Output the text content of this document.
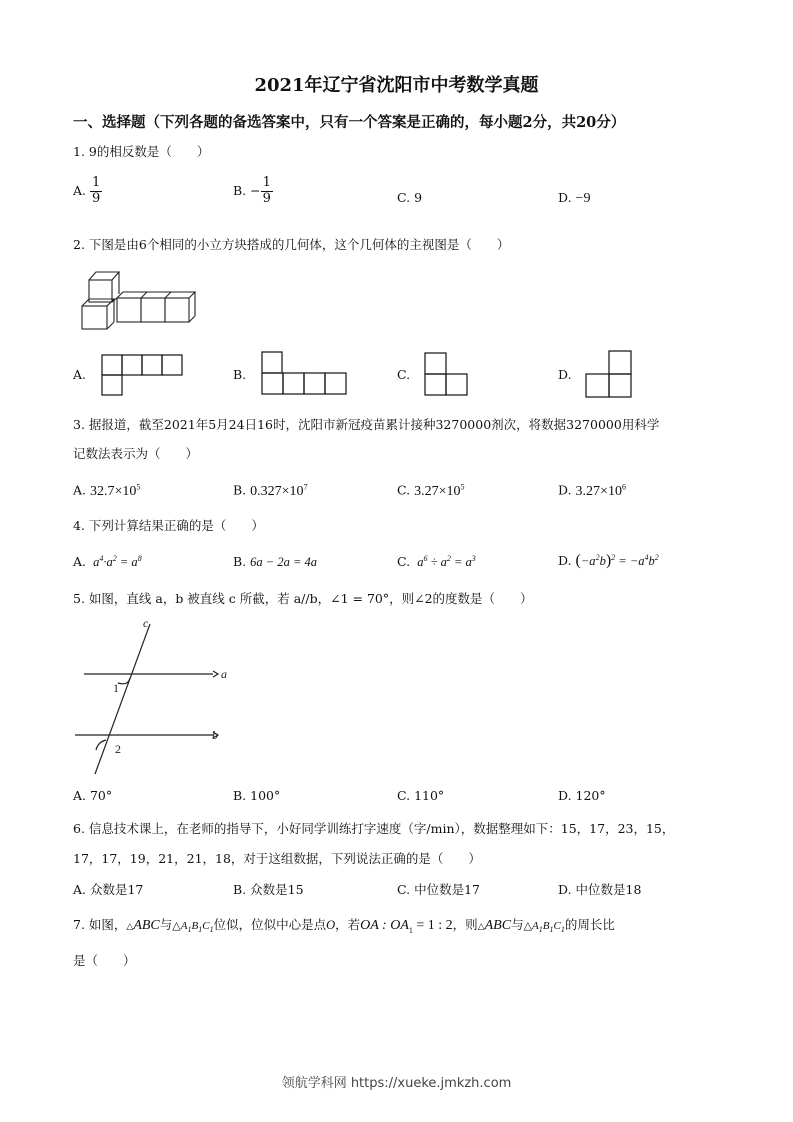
2021年辽宁省沈阳市中考数学真题
一、选择题（下列各题的备选答案中，只有一个答案是正确的，每小题2分，共20分）
1. 9的相反数是（　　）
A. $\frac{1}{9}$	B. − $\frac{1}{9}$	C. 9	D. −9
2. 下图是由6个相同的小立方块搭成的几何体，这个几何体的主视图是（　　）
A.	B.	C.	D.
3. 据报道，截至2021年5月24日16时，沈阳市新冠疫苗累计接种3270000剂次，将数据3270000用科学
记数法表示为（　　）
A. $32.7\times 10^5$	B. $0.327\times 10^7$	C. $3.27\times 10^5$	D. $3.27\times 10^6$
4. 下列计算结果正确的是（　　）
A.  $a^4\cdot a^2 = a^8$	B. 6a − 2a = 4a	C.  $a^6 \div a^2 = a^3$	D. $(-a^2b)^2 = -a^4b^2$
5. 如图，直线 a，b 被直线 c 所截，若 a//b，∠1 = 70°，则∠2的度数是（　　）
c
a
b
1
2
A. 70°	B. 100°	C. 110°	D. 120°
6. 信息技术课上，在老师的指导下，小好同学训练打字速度（字/min），数据整理如下：15，17，23，15，
17，17，19，21，21，18，对于这组数据，下列说法正确的是（　　）
A. 众数是17	B. 众数是15	C. 中位数是17	D. 中位数是18
7. 如图，△ABC与$\triangle A_1B_1C_1$位似，位似中心是点O，若OA : $OA_1 = 1$ : 2，则△ABC与$\triangle A_1B_1C_1$的周长比
是（　　）
领航学科网 https://xueke.jmkzh.com
